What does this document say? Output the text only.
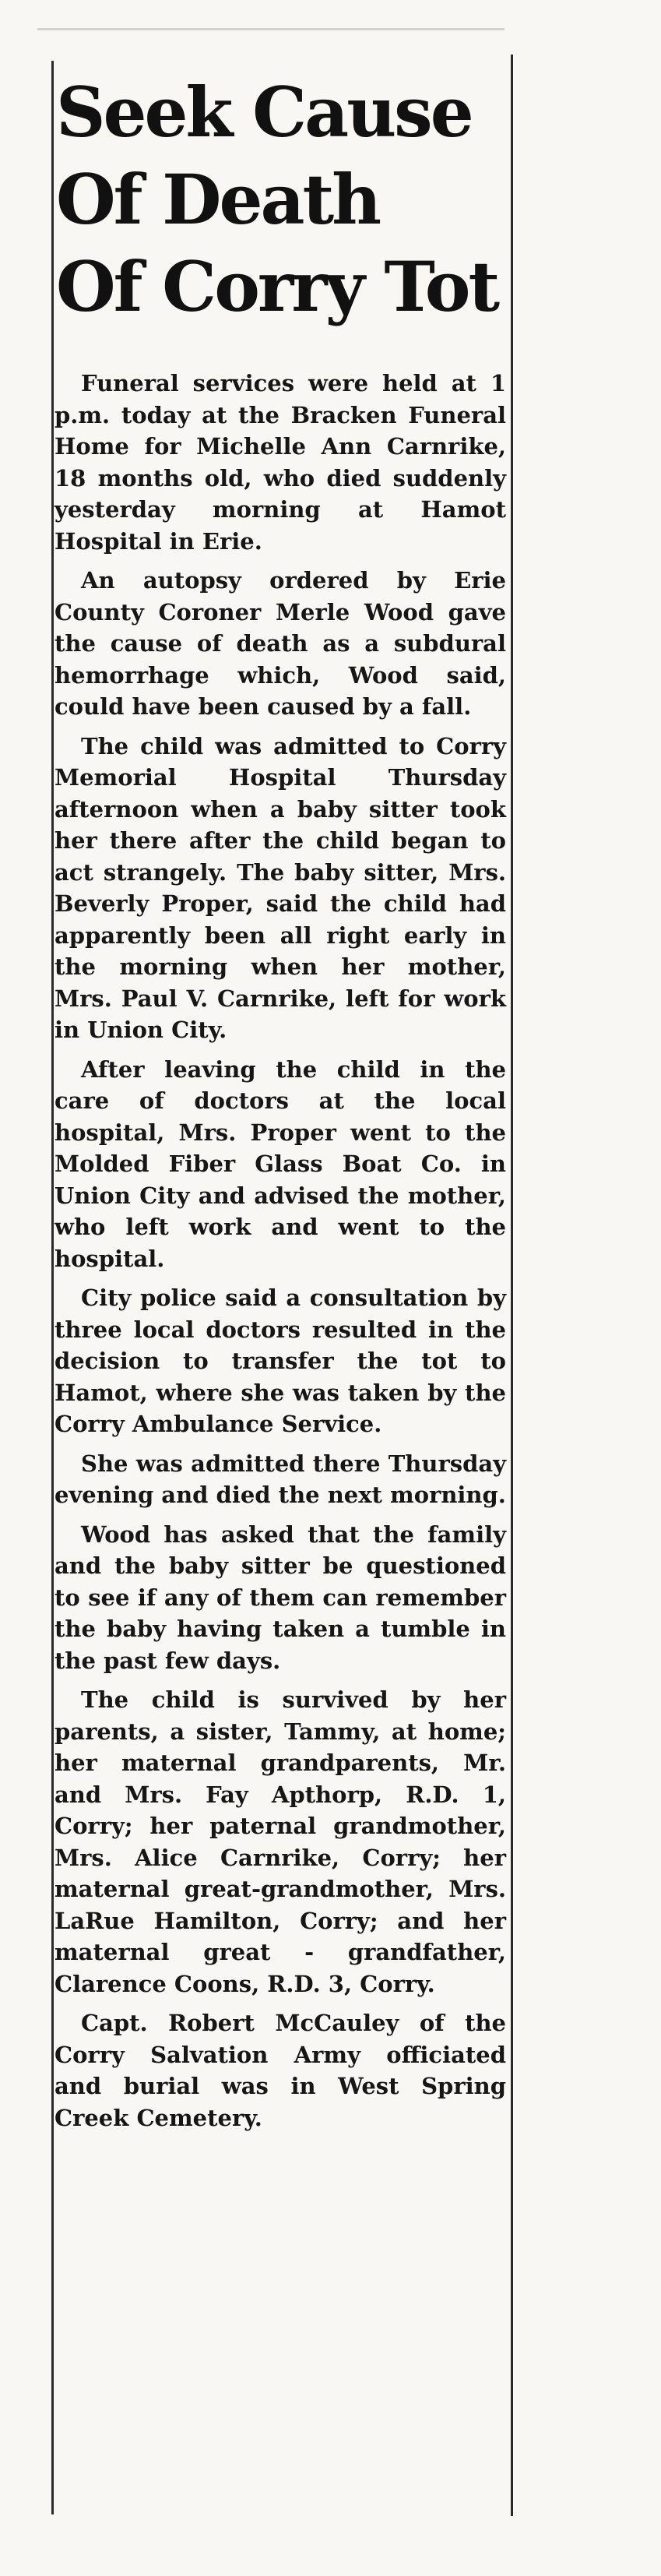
Seek Cause
Of Death
Of Corry Tot

Funeral services were held at 1 p.m. today at the Bracken Funeral Home for Michelle Ann Carnrike, 18 months old, who died suddenly yesterday morning at Hamot Hospital in Erie.

An autopsy ordered by Erie County Coroner Merle Wood gave the cause of death as a subdural hemorrhage which, Wood said, could have been caused by a fall.

The child was admitted to Corry Memorial Hospital Thursday afternoon when a baby sitter took her there after the child began to act strangely. The baby sitter, Mrs. Beverly Proper, said the child had apparently been all right early in the morning when her mother, Mrs. Paul V. Carnrike, left for work in Union City.

After leaving the child in the care of doctors at the local hospital, Mrs. Proper went to the Molded Fiber Glass Boat Co. in Union City and advised the mother, who left work and went to the hospital.

City police said a consultation by three local doctors resulted in the decision to transfer the tot to Hamot, where she was taken by the Corry Ambulance Service.

She was admitted there Thursday evening and died the next morning.

Wood has asked that the family and the baby sitter be questioned to see if any of them can remember the baby having taken a tumble in the past few days.

The child is survived by her parents, a sister, Tammy, at home; her maternal grandparents, Mr. and Mrs. Fay Apthorp, R.D. 1, Corry; her paternal grandmother, Mrs. Alice Carnrike, Corry; her maternal great-grandmother, Mrs. LaRue Hamilton, Corry; and her maternal great - grandfather, Clarence Coons, R.D. 3, Corry.

Capt. Robert McCauley of the Corry Salvation Army officiated and burial was in West Spring Creek Cemetery.
